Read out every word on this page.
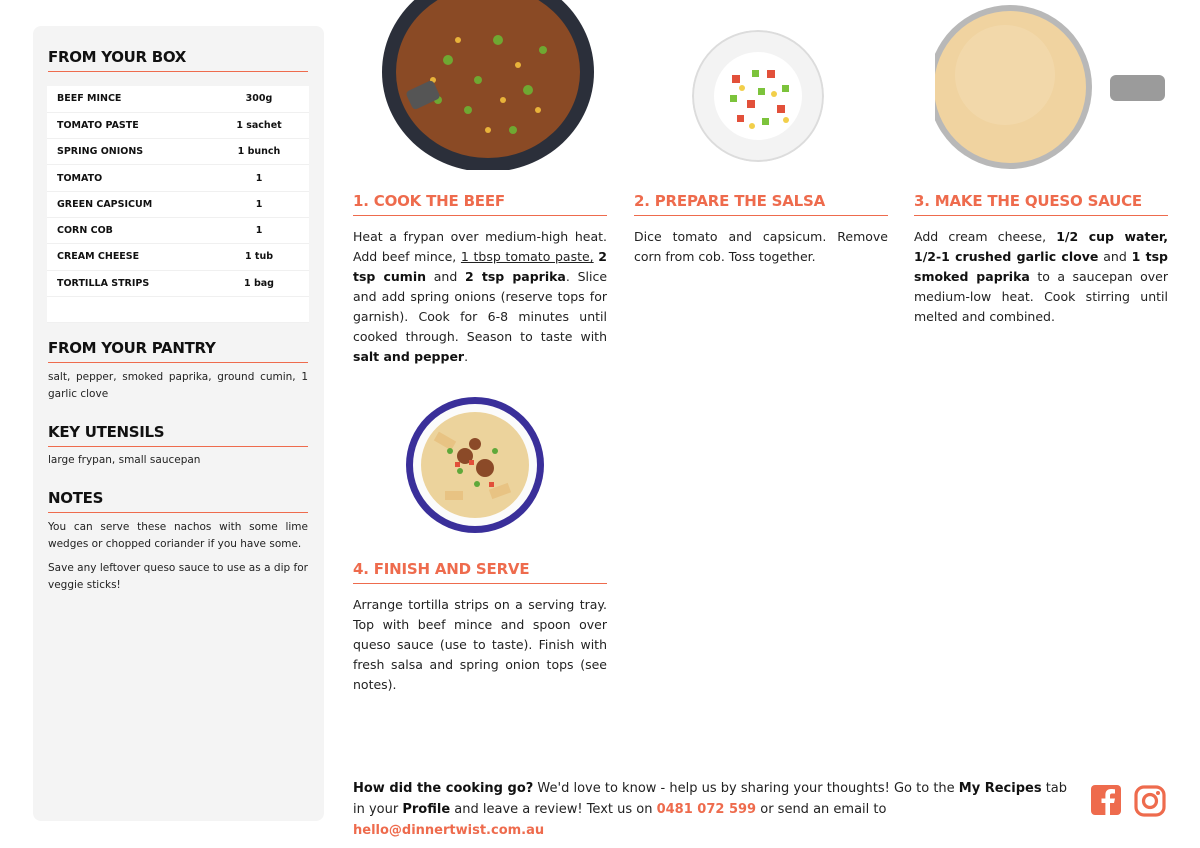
FROM YOUR BOX
BEEF MINCE	300g
TOMATO PASTE	1 sachet
SPRING ONIONS	1 bunch
TOMATO	1
GREEN CAPSICUM	1
CORN COB	1
CREAM CHEESE	1 tub
TORTILLA STRIPS	1 bag

FROM YOUR PANTRY
salt, pepper, smoked paprika, ground cumin, 1 garlic clove
KEY UTENSILS
large frypan, small saucepan
NOTES
You can serve these nachos with some lime wedges or chopped coriander if you have some.
Save any leftover queso sauce to use as a dip for veggie sticks!
1. COOK THE BEEF
Heat a frypan over medium-high heat. Add beef mince, 1 tbsp tomato paste, 2 tsp cumin and 2 tsp paprika. Slice and add spring onions (reserve tops for garnish). Cook for 6-8 minutes until cooked through. Season to taste with salt and pepper.
2. PREPARE THE SALSA
Dice tomato and capsicum. Remove corn from cob. Toss together.
3. MAKE THE QUESO SAUCE
Add cream cheese, 1/2 cup water, 1/2-1 crushed garlic clove and 1 tsp smoked paprika to a saucepan over medium-low heat. Cook stirring until melted and combined.
4. FINISH AND SERVE
Arrange tortilla strips on a serving tray. Top with beef mince and spoon over queso sauce (use to taste). Finish with fresh salsa and spring onion tops (see notes).
How did the cooking go? We'd love to know - help us by sharing your thoughts! Go to the My Recipes tab in your Profile and leave a review! Text us on 0481 072 599 or send an email to hello@dinnertwist.com.au
